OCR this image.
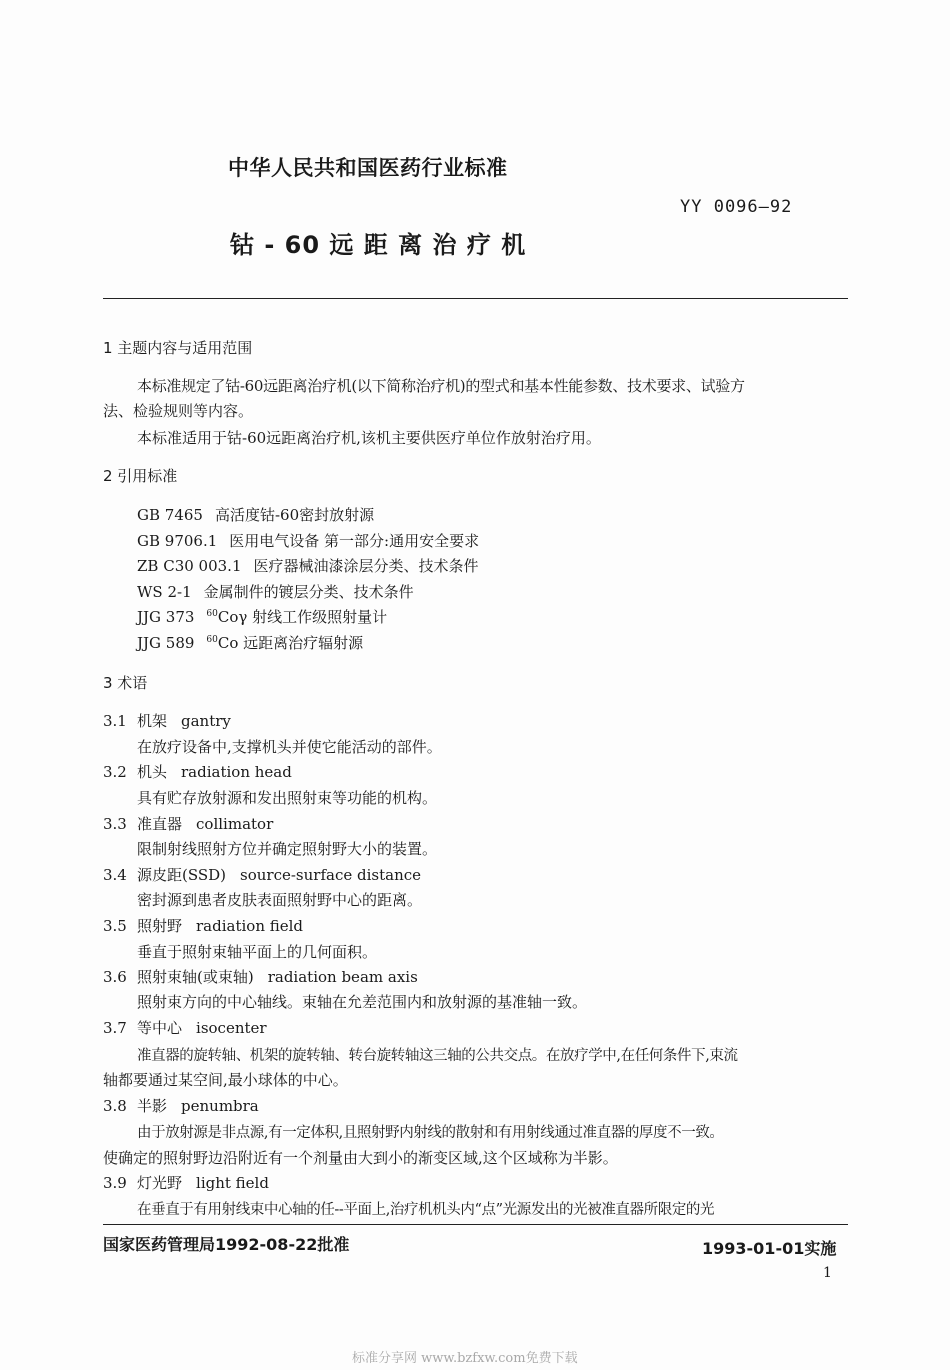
中华人民共和国医药行业标准
YY 0096—92
钴 - 60 远 距 离 治 疗 机
1 主题内容与适用范围
本标准规定了钴-60远距离治疗机(以下简称治疗机)的型式和基本性能参数、技术要求、试验方
法、检验规则等内容。
本标准适用于钴-60远距离治疗机,该机主要供医疗单位作放射治疗用。
2 引用标准
GB 7465 高活度钴-60密封放射源
GB 9706.1 医用电气设备 第一部分:通用安全要求
ZB C30 003.1 医疗器械油漆涂层分类、技术条件
WS 2-1 金属制件的镀层分类、技术条件
JJG 373 $^{60}$Coγ 射线工作级照射量计
JJG 589 $^{60}$Co 远距离治疗辐射源
3 术语
3.1 机架 gantry
在放疗设备中,支撑机头并使它能活动的部件。
3.2 机头 radiation head
具有贮存放射源和发出照射束等功能的机构。
3.3 准直器 collimator
限制射线照射方位并确定照射野大小的装置。
3.4 源皮距(SSD) source-surface distance
密封源到患者皮肤表面照射野中心的距离。
3.5 照射野 radiation field
垂直于照射束轴平面上的几何面积。
3.6 照射束轴(或束轴) radiation beam axis
照射束方向的中心轴线。束轴在允差范围内和放射源的基准轴一致。
3.7 等中心 isocenter
准直器的旋转轴、机架的旋转轴、转台旋转轴这三轴的公共交点。在放疗学中,在任何条件下,束流
轴都要通过某空间,最小球体的中心。
3.8 半影 penumbra
由于放射源是非点源,有一定体积,且照射野内射线的散射和有用射线通过准直器的厚度不一致。
使确定的照射野边沿附近有一个剂量由大到小的渐变区域,这个区域称为半影。
3.9 灯光野 light field
在垂直于有用射线束中心轴的任--平面上,治疗机机头内“点”光源发出的光被准直器所限定的光
国家医药管理局1992-08-22批准	1993-01-01实施
1
标准分享网 www.bzfxw.com免费下载
